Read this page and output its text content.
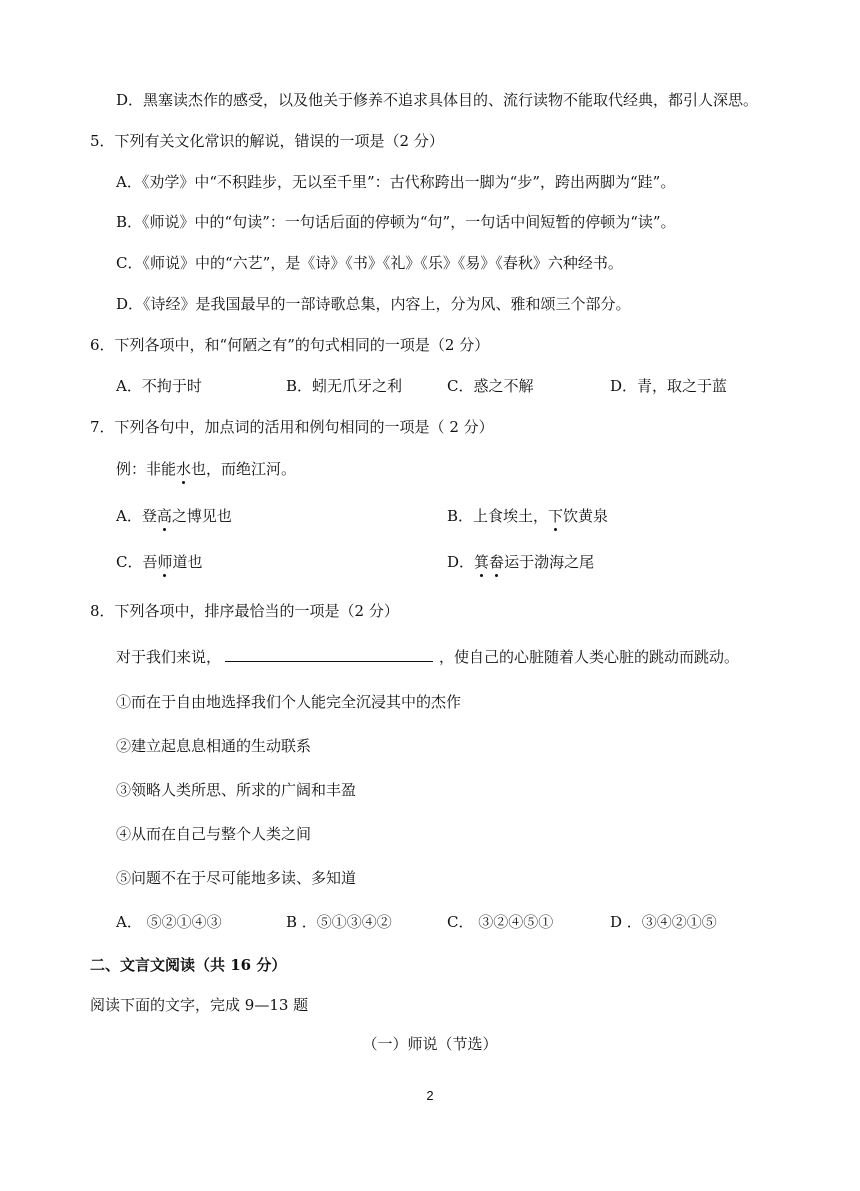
D．黑塞读杰作的感受，以及他关于修养不追求具体目的、流行读物不能取代经典，都引人深思。
5．下列有关文化常识的解说，错误的一项是（2 分）
A．《劝学》中“不积跬步，无以至千里”：古代称跨出一脚为“步”，跨出两脚为“跬”。
B．《师说》中的“句读”：一句话后面的停顿为“句”，一句话中间短暂的停顿为“读”。
C．《师说》中的“六艺”，是《诗》《书》《礼》《乐》《易》《春秋》六种经书。
D．《诗经》是我国最早的一部诗歌总集，内容上，分为风、雅和颂三个部分。
6．下列各项中，和“何陋之有”的句式相同的一项是（2 分）
A．不拘于时	B．蚓无爪牙之利	C．惑之不解	D．青，取之于蓝
7．下列各句中，加点词的活用和例句相同的一项是（ 2 分）
例：非能水也，而绝江河。
A．登高之博见也	B．上食埃土，下饮黄泉
C．吾师道也	D．箕畚运于渤海之尾
8．下列各项中，排序最恰当的一项是（2 分）
对于我们来说，	，使自己的心脏随着人类心脏的跳动而跳动。
①而在于自由地选择我们个人能完全沉浸其中的杰作
②建立起息息相通的生动联系
③领略人类所思、所求的广阔和丰盈
④从而在自己与整个人类之间
⑤问题不在于尽可能地多读、多知道
A． ⑤②①④③	B ．⑤①③④②	C． ③②④⑤①	D ．③④②①⑤
二、文言文阅读（共 16 分）
阅读下面的文字，完成 9—13 题
（一）师说（节选）
2
